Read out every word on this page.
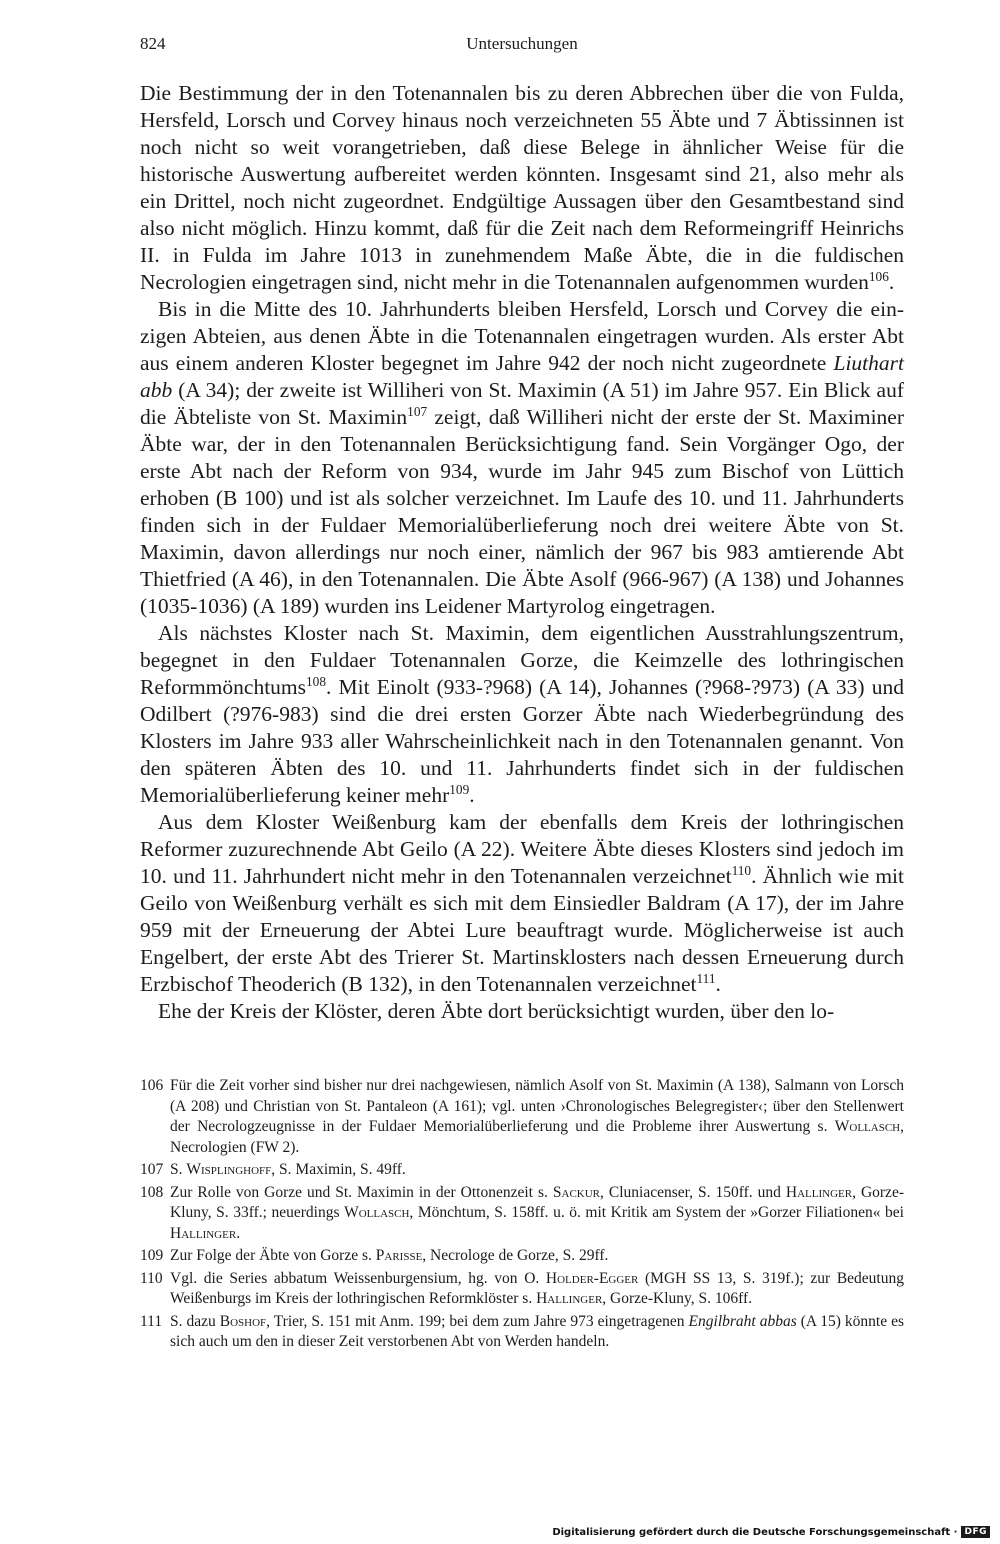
824	Untersuchungen

Die Bestimmung der in den Totenannalen bis zu deren Abbrechen über die von Fulda, Hersfeld, Lorsch und Corvey hinaus noch verzeichneten 55 Äbte und 7 Äbtissinnen ist noch nicht so weit vorangetrieben, daß diese Belege in ähnlicher Weise für die historische Auswertung aufbereitet werden könnten. Insgesamt sind 21, also mehr als ein Drittel, noch nicht zugeordnet. Endgültige Aussagen über den Gesamtbestand sind also nicht möglich. Hinzu kommt, daß für die Zeit nach dem Reformeingriff Heinrichs II. in Fulda im Jahre 1013 in zunehmendem Maße Äbte, die in die fuldischen Necrologien eingetragen sind, nicht mehr in die Totenannalen aufgenommen wurden$^{106}$.

Bis in die Mitte des 10. Jahrhunderts bleiben Hersfeld, Lorsch und Corvey die einzigen Abteien, aus denen Äbte in die Totenannalen eingetragen wurden. Als erster Abt aus einem anderen Kloster begegnet im Jahre 942 der noch nicht zugeordnete Liuthart abb (A 34); der zweite ist Williheri von St. Maximin (A 51) im Jahre 957. Ein Blick auf die Äbteliste von St. Maximin$^{107}$ zeigt, daß Williheri nicht der erste der St. Maximiner Äbte war, der in den Totenannalen Berücksichtigung fand. Sein Vorgänger Ogo, der erste Abt nach der Reform von 934, wurde im Jahr 945 zum Bischof von Lüttich erhoben (B 100) und ist als solcher verzeichnet. Im Laufe des 10. und 11. Jahrhunderts finden sich in der Fuldaer Memorialüberlieferung noch drei weitere Äbte von St. Maximin, davon allerdings nur noch einer, nämlich der 967 bis 983 amtierende Abt Thietfried (A 46), in den Totenannalen. Die Äbte Asolf (966-967) (A 138) und Johannes (1035-1036) (A 189) wurden ins Leidener Martyrolog eingetragen.

Als nächstes Kloster nach St. Maximin, dem eigentlichen Ausstrahlungszentrum, begegnet in den Fuldaer Totenannalen Gorze, die Keimzelle des lothringischen Reformmönchtums$^{108}$. Mit Einolt (933-?968) (A 14), Johannes (?968-?973) (A 33) und Odilbert (?976-983) sind die drei ersten Gorzer Äbte nach Wiederbegründung des Klosters im Jahre 933 aller Wahrscheinlichkeit nach in den Totenannalen genannt. Von den späteren Äbten des 10. und 11. Jahrhunderts findet sich in der fuldischen Memorialüberlieferung keiner mehr$^{109}$.

Aus dem Kloster Weißenburg kam der ebenfalls dem Kreis der lothringischen Reformer zuzurechnende Abt Geilo (A 22). Weitere Äbte dieses Klosters sind jedoch im 10. und 11. Jahrhundert nicht mehr in den Totenannalen verzeichnet$^{110}$. Ähnlich wie mit Geilo von Weißenburg verhält es sich mit dem Einsiedler Baldram (A 17), der im Jahre 959 mit der Erneuerung der Abtei Lure beauftragt wurde. Möglicherweise ist auch Engelbert, der erste Abt des Trierer St. Martinsklosters nach dessen Erneuerung durch Erzbischof Theoderich (B 132), in den Totenannalen verzeichnet$^{111}$.

Ehe der Kreis der Klöster, deren Äbte dort berücksichtigt wurden, über den lo-

106 Für die Zeit vorher sind bisher nur drei nachgewiesen, nämlich Asolf von St. Maximin (A 138), Salmann von Lorsch (A 208) und Christian von St. Pantaleon (A 161); vgl. unten ›Chronologisches Belegregister‹; über den Stellenwert der Necrologzeugnisse in der Fuldaer Memorialüberlieferung und die Probleme ihrer Auswertung s. Wollasch, Necrologien (FW 2).
107 S. Wisplinghoff, S. Maximin, S. 49ff.
108 Zur Rolle von Gorze und St. Maximin in der Ottonenzeit s. Sackur, Cluniacenser, S. 150ff. und Hallinger, Gorze-Kluny, S. 33ff.; neuerdings Wollasch, Mönchtum, S. 158ff. u. ö. mit Kritik am System der »Gorzer Filiationen« bei Hallinger.
109 Zur Folge der Äbte von Gorze s. Parisse, Necrologe de Gorze, S. 29ff.
110 Vgl. die Series abbatum Weissenburgensium, hg. von O. Holder-Egger (MGH SS 13, S. 319f.); zur Bedeutung Weißenburgs im Kreis der lothringischen Reformklöster s. Hallinger, Gorze-Kluny, S. 106ff.
111 S. dazu Boshof, Trier, S. 151 mit Anm. 199; bei dem zum Jahre 973 eingetragenen Engilbraht abbas (A 15) könnte es sich auch um den in dieser Zeit verstorbenen Abt von Werden handeln.
Digitalisierung gefördert durch die Deutsche Forschungsgemeinschaft · DFG
